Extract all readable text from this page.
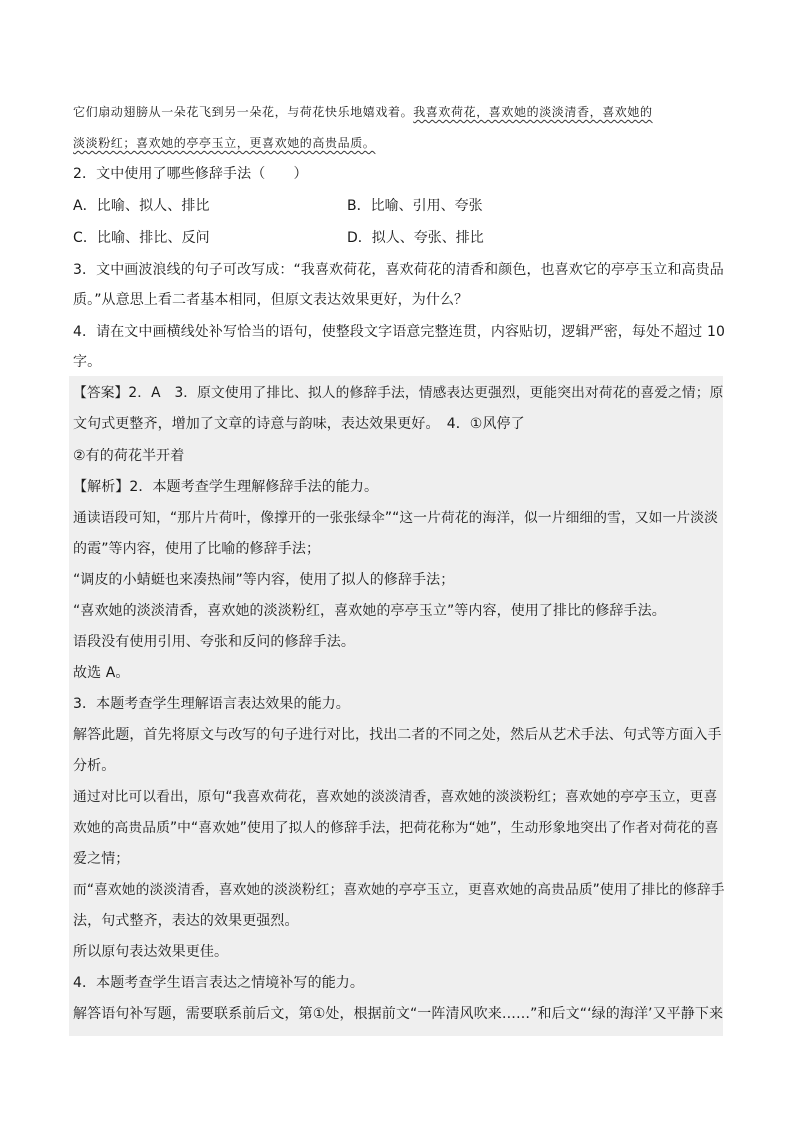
它们扇动翅膀从一朵花飞到另一朵花，与荷花快乐地嬉戏着。我喜欢荷花，喜欢她的淡淡清香，喜欢她的
淡淡粉红；喜欢她的亭亭玉立，更喜欢她的高贵品质。
2．文中使用了哪些修辞手法（　　）
A．比喻、拟人、排比	B．比喻、引用、夸张
C．比喻、排比、反问	D．拟人、夸张、排比
3．文中画波浪线的句子可改写成：“我喜欢荷花，喜欢荷花的清香和颜色，也喜欢它的亭亭玉立和高贵品
质。”从意思上看二者基本相同，但原文表达效果更好，为什么？
4．请在文中画横线处补写恰当的语句，使整段文字语意完整连贯，内容贴切，逻辑严密，每处不超过 10
字。
【答案】2．A　3．原文使用了排比、拟人的修辞手法，情感表达更强烈，更能突出对荷花的喜爱之情；原
文句式更整齐，增加了文章的诗意与韵味，表达效果更好。　4．①风停了
②有的荷花半开着
【解析】2．本题考查学生理解修辞手法的能力。
通读语段可知，“那片片荷叶，像撑开的一张张绿伞”“这一片荷花的海洋，似一片细细的雪，又如一片淡淡
的霞”等内容，使用了比喻的修辞手法；
“调皮的小蜻蜓也来凑热闹”等内容，使用了拟人的修辞手法；
“喜欢她的淡淡清香，喜欢她的淡淡粉红，喜欢她的亭亭玉立”等内容，使用了排比的修辞手法。
语段没有使用引用、夸张和反问的修辞手法。
故选 A。
3．本题考查学生理解语言表达效果的能力。
解答此题，首先将原文与改写的句子进行对比，找出二者的不同之处，然后从艺术手法、句式等方面入手
分析。
通过对比可以看出，原句“我喜欢荷花，喜欢她的淡淡清香，喜欢她的淡淡粉红；喜欢她的亭亭玉立，更喜
欢她的高贵品质”中“喜欢她”使用了拟人的修辞手法，把荷花称为“她”，生动形象地突出了作者对荷花的喜
爱之情；
而“喜欢她的淡淡清香，喜欢她的淡淡粉红；喜欢她的亭亭玉立，更喜欢她的高贵品质”使用了排比的修辞手
法，句式整齐，表达的效果更强烈。
所以原句表达效果更佳。
4．本题考查学生语言表达之情境补写的能力。
解答语句补写题，需要联系前后文，第①处，根据前文“一阵清风吹来……”和后文“‘绿的海洋’又平静下来
